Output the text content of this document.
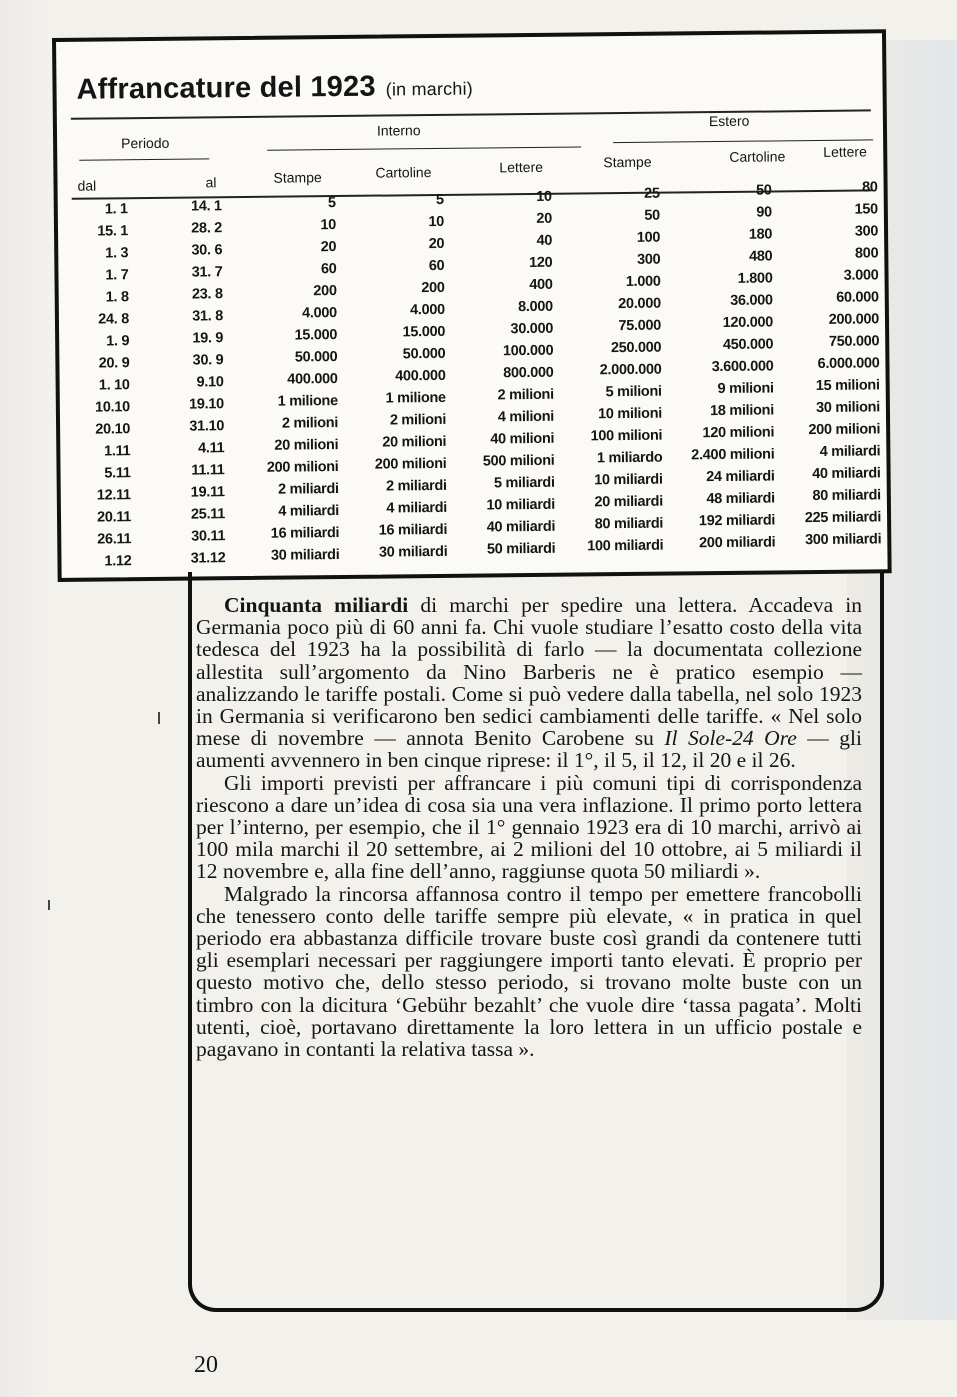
Affrancature del 1923 (in marchi)
Periodo
Interno
Estero
dal	al	Stampe	Cartoline	Lettere	Stampe	Cartoline	Lettere
1. 1	14. 1	5	5	10	25	50	80
15. 1	28. 2	10	10	20	50	90	150
1. 3	30. 6	20	20	40	100	180	300
1. 7	31. 7	60	60	120	300	480	800
1. 8	23. 8	200	200	400	1.000	1.800	3.000
24. 8	31. 8	4.000	4.000	8.000	20.000	36.000	60.000
1. 9	19. 9	15.000	15.000	30.000	75.000	120.000	200.000
20. 9	30. 9	50.000	50.000	100.000	250.000	450.000	750.000
1. 10	9.10	400.000	400.000	800.000	2.000.000	3.600.000	6.000.000
10.10	19.10	1 milione	1 milione	2 milioni	5 milioni	9 milioni	15 milioni
20.10	31.10	2 milioni	2 milioni	4 milioni	10 milioni	18 milioni	30 milioni
1.11	4.11	20 milioni	20 milioni	40 milioni	100 milioni	120 milioni	200 milioni
5.11	11.11	200 milioni	200 milioni	500 milioni	1 miliardo	2.400 milioni	4 miliardi
12.11	19.11	2 miliardi	2 miliardi	5 miliardi	10 miliardi	24 miliardi	40 miliardi
20.11	25.11	4 miliardi	4 miliardi	10 miliardi	20 miliardi	48 miliardi	80 miliardi
26.11	30.11	16 miliardi	16 miliardi	40 miliardi	80 miliardi	192 miliardi	225 miliardi
1.12	31.12	30 miliardi	30 miliardi	50 miliardi	100 miliardi	200 miliardi	300 miliardi

Cinquanta miliardi di marchi per spedire una lettera. Accadeva in Germania poco più di 60 anni fa. Chi vuole studiare l’esatto costo della vita tedesca del 1923 ha la possibilità di farlo — la documentata collezione allestita sull’argomento da Nino Barberis ne è pratico esempio — analizzando le tariffe postali. Come si può vedere dalla tabella, nel solo 1923 in Germania si verificarono ben sedici cambiamenti delle tariffe. « Nel solo mese di novembre — annota Benito Carobene su Il Sole-24 Ore — gli aumenti avvennero in ben cinque riprese: il 1°, il 5, il 12, il 20 e il 26.

Gli importi previsti per affrancare i più comuni tipi di corrispondenza riescono a dare un’idea di cosa sia una vera inflazione. Il primo porto lettera per l’interno, per esempio, che il 1° gennaio 1923 era di 10 marchi, arrivò ai 100 mila marchi il 20 settembre, ai 2 milioni del 10 ottobre, ai 5 miliardi il 12 novembre e, alla fine dell’anno, raggiunse quota 50 miliardi ».

Malgrado la rincorsa affannosa contro il tempo per emettere francobolli che tenessero conto delle tariffe sempre più elevate, « in pratica in quel periodo era abbastanza difficile trovare buste così grandi da contenere tutti gli esemplari necessari per raggiungere importi tanto elevati. È proprio per questo motivo che, dello stesso periodo, si trovano molte buste con un timbro con la dicitura ‘Gebühr bezahlt’ che vuole dire ‘tassa pagata’. Molti utenti, cioè, portavano direttamente la loro lettera in un ufficio postale e pagavano in contanti la relativa tassa ».

20
